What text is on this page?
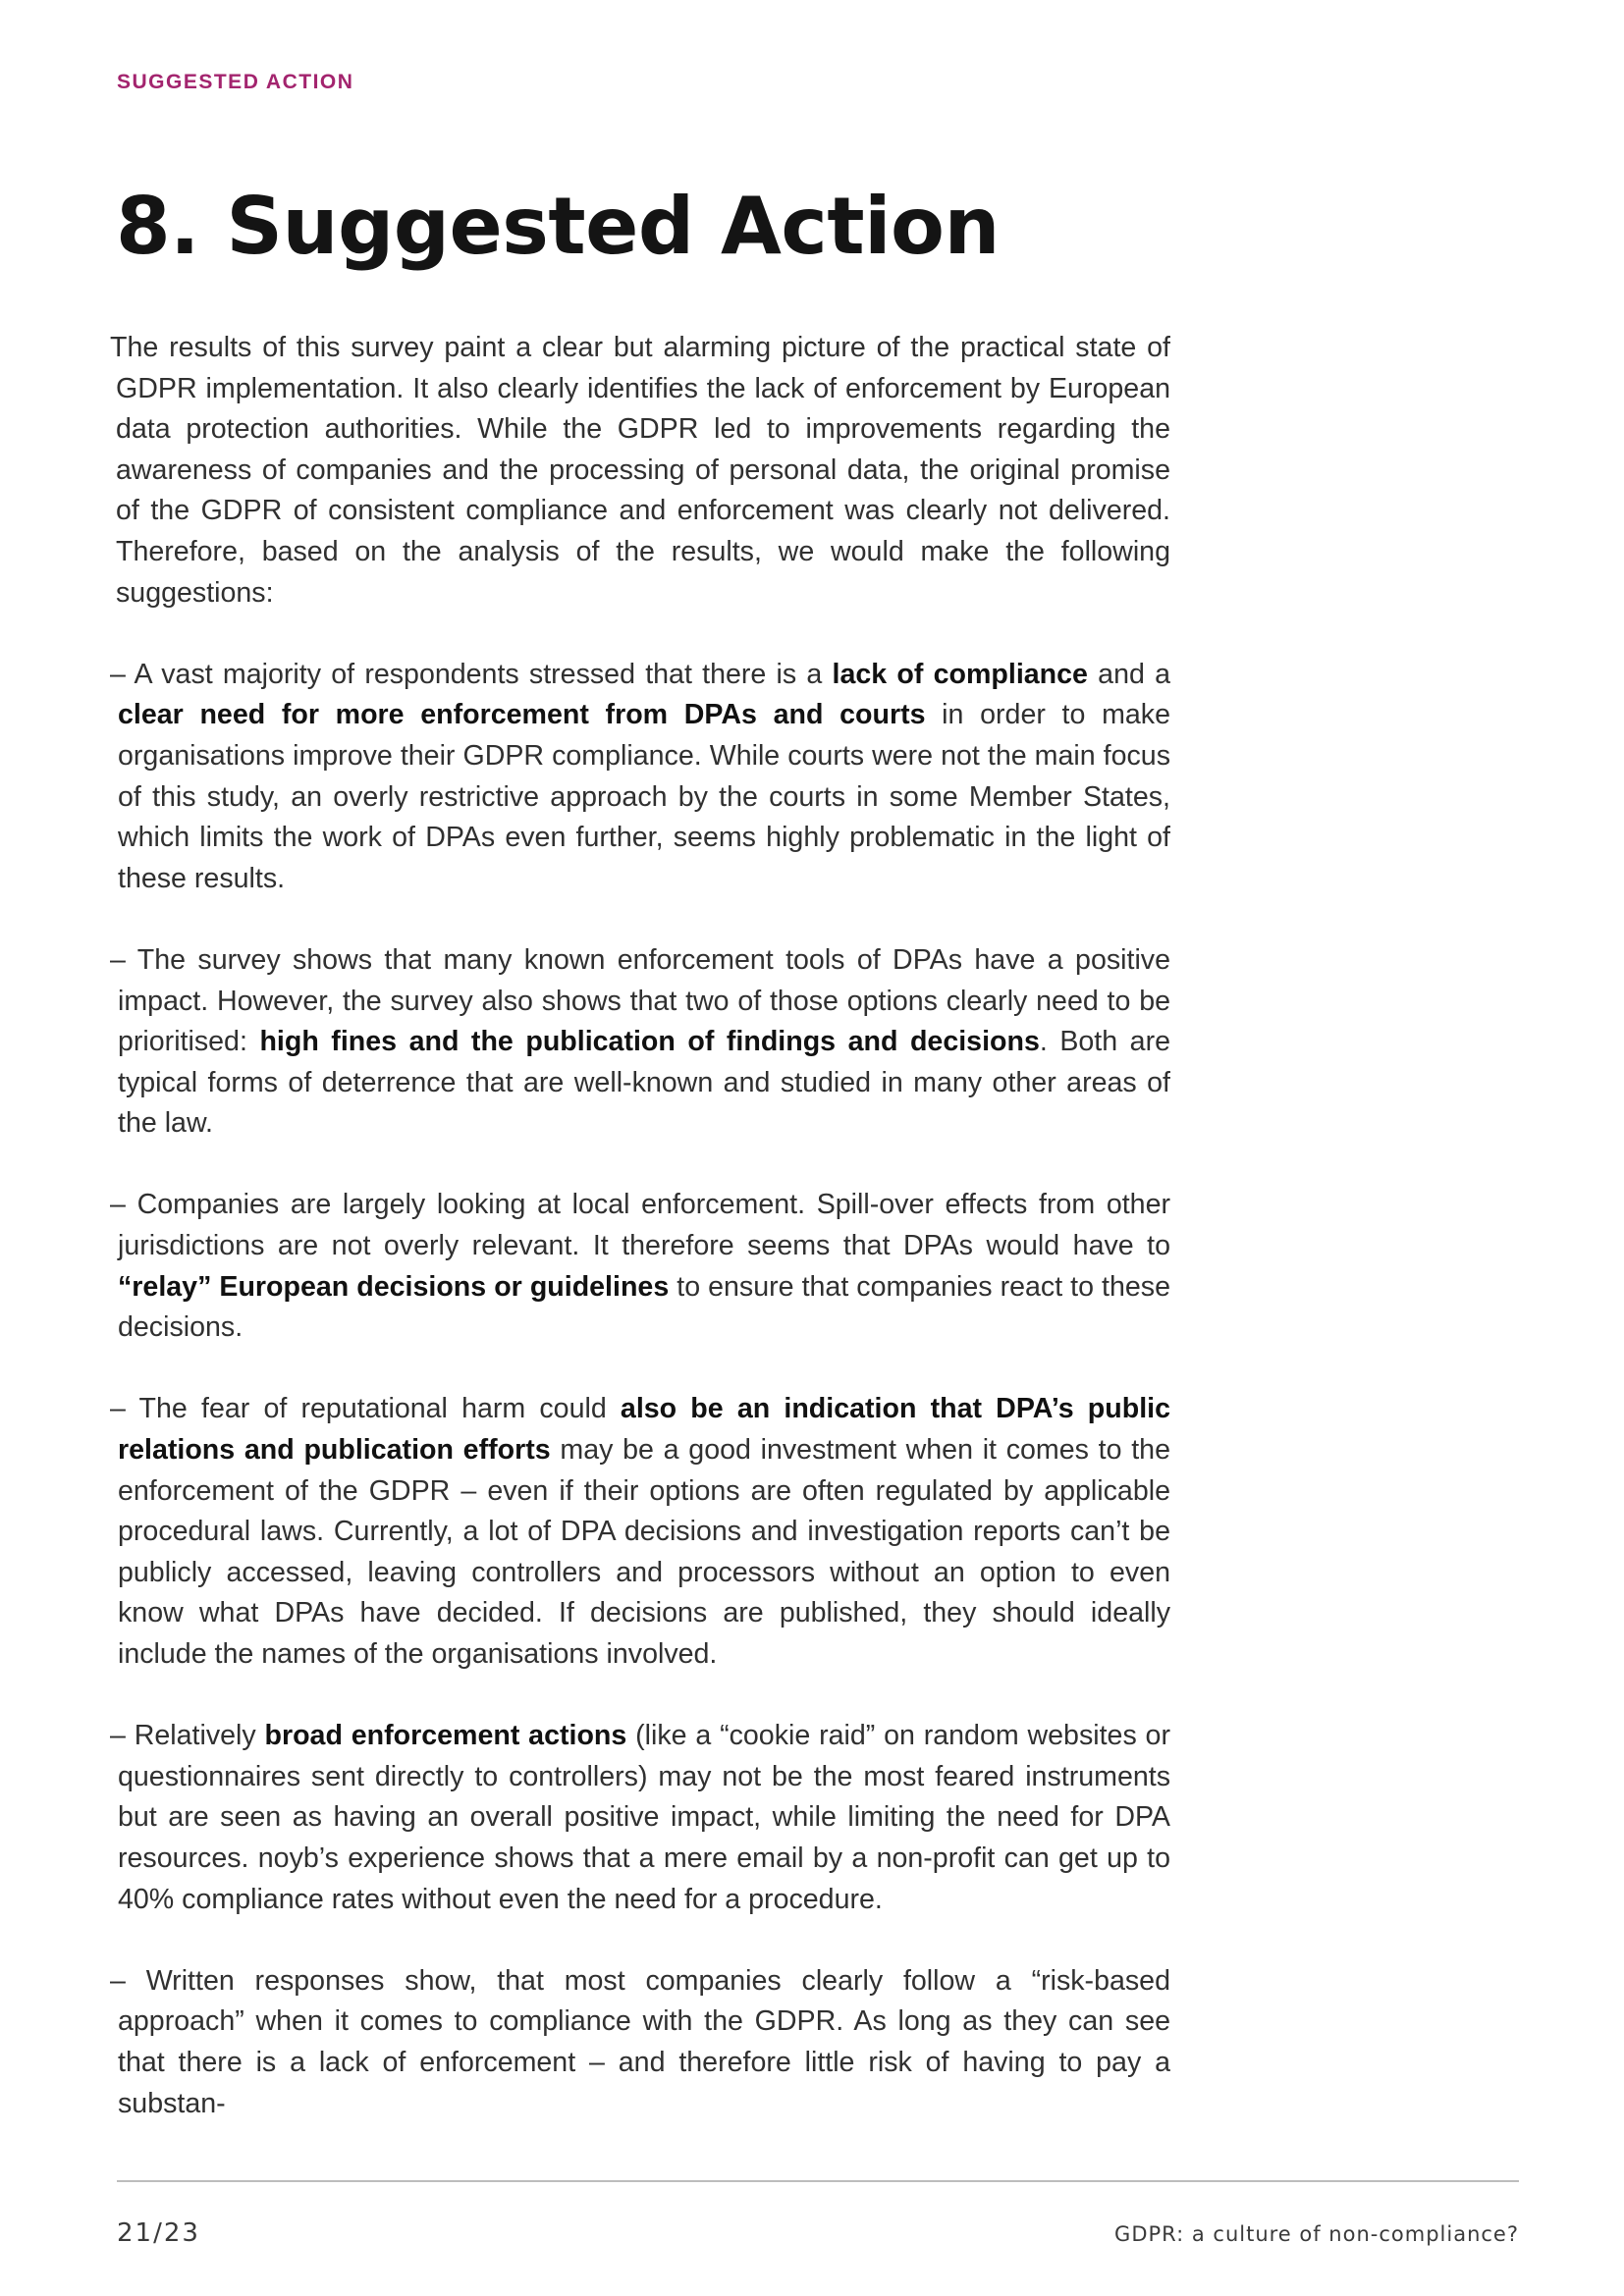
SUGGESTED ACTION
8. Suggested Action

The results of this survey paint a clear but alarming picture of the practical state of GDPR implementation. It also clearly identifies the lack of enforcement by European data protection authorities. While the GDPR led to improvements regarding the awareness of companies and the processing of personal data, the original promise of the GDPR of consistent compliance and enforcement was clearly not delivered. Therefore, based on the analysis of the results, we would make the following suggestions:

– A vast majority of respondents stressed that there is a lack of compliance and a clear need for more enforcement from DPAs and courts in order to make organisations improve their GDPR compliance. While courts were not the main focus of this study, an overly restrictive approach by the courts in some Member States, which limits the work of DPAs even further, seems highly problematic in the light of these results.

– The survey shows that many known enforcement tools of DPAs have a positive impact. However, the survey also shows that two of those options clearly need to be prioritised: high fines and the publication of findings and decisions. Both are typical forms of deterrence that are well-known and studied in many other areas of the law.

– Companies are largely looking at local enforcement. Spill-over effects from other jurisdictions are not overly relevant. It therefore seems that DPAs would have to “relay” European decisions or guidelines to ensure that companies react to these decisions.

– The fear of reputational harm could also be an indication that DPA’s public relations and publication efforts may be a good investment when it comes to the enforcement of the GDPR – even if their options are often regulated by applicable procedural laws. Currently, a lot of DPA decisions and investigation reports can’t be publicly accessed, leaving controllers and processors without an option to even know what DPAs have decided. If decisions are published, they should ideally include the names of the organisations involved.

– Relatively broad enforcement actions (like a “cookie raid” on random websites or questionnaires sent directly to controllers) may not be the most feared instruments but are seen as having an overall positive impact, while limiting the need for DPA resources. noyb’s experience shows that a mere email by a non-profit can get up to 40% compliance rates without even the need for a procedure.

– Written responses show, that most companies clearly follow a “risk-based approach” when it comes to compliance with the GDPR. As long as they can see that there is a lack of enforcement – and therefore little risk of having to pay a substan-

21/23	GDPR: a culture of non-compliance?
